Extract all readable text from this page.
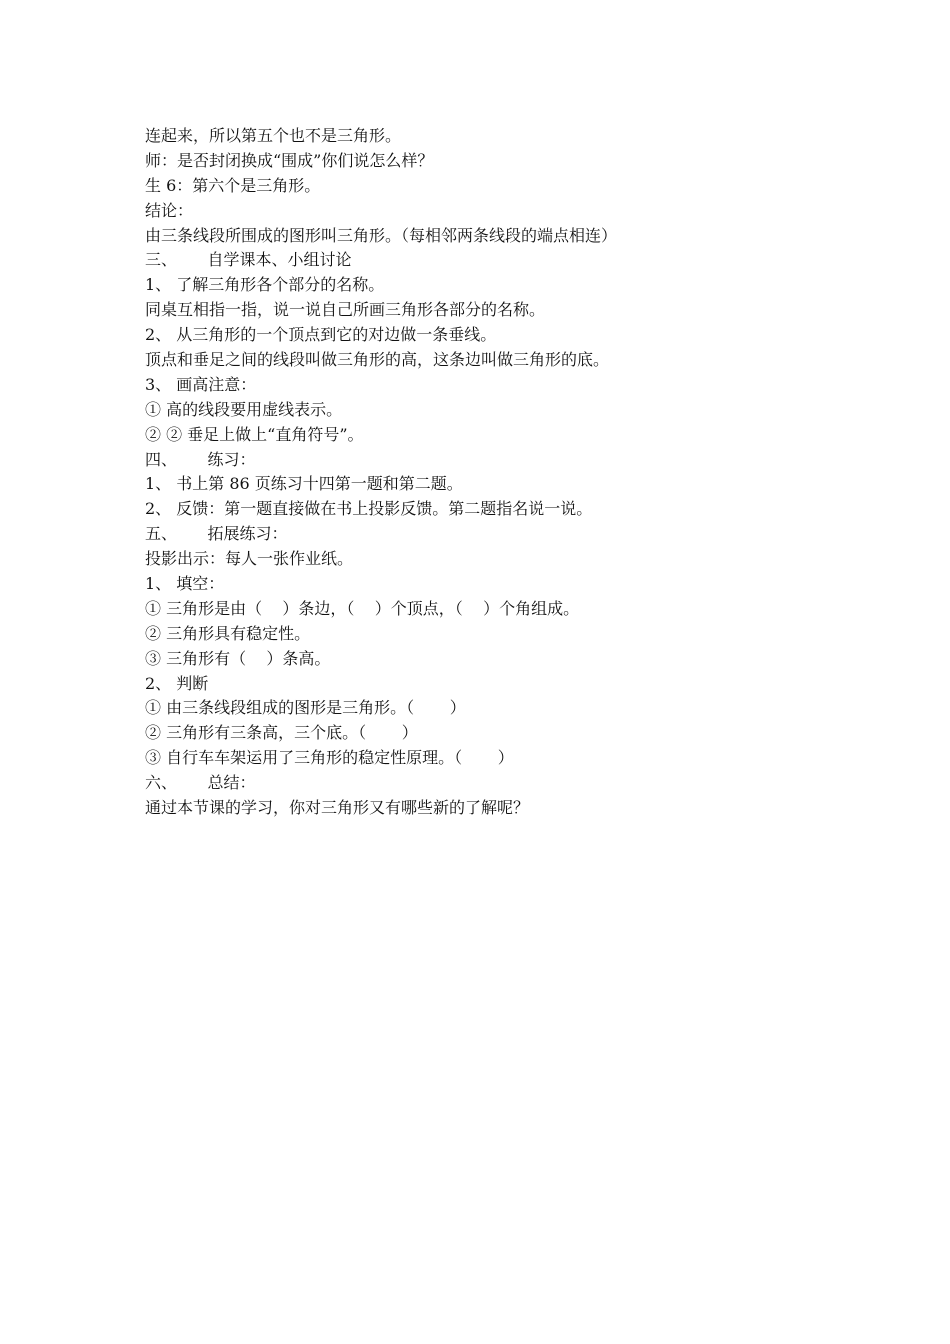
连起来，所以第五个也不是三角形。
师：是否封闭换成“围成”你们说怎么样？
生 6：第六个是三角形。
结论：
由三条线段所围成的图形叫三角形。（每相邻两条线段的端点相连）
三、      自学课本、小组讨论
1、 了解三角形各个部分的名称。
同桌互相指一指，说一说自己所画三角形各部分的名称。
2、 从三角形的一个顶点到它的对边做一条垂线。
顶点和垂足之间的线段叫做三角形的高，这条边叫做三角形的底。
3、 画高注意：
① 高的线段要用虚线表示。
② ② 垂足上做上“直角符号”。
四、      练习：
1、 书上第 86 页练习十四第一题和第二题。
2、 反馈：第一题直接做在书上投影反馈。第二题指名说一说。
五、      拓展练习：
投影出示：每人一张作业纸。
1、 填空：
① 三角形是由（    ）条边，（    ）个顶点，（    ）个角组成。
② 三角形具有稳定性。
③ 三角形有（    ）条高。
2、 判断
① 由三条线段组成的图形是三角形。（       ）
② 三角形有三条高，三个底。（       ）
③ 自行车车架运用了三角形的稳定性原理。（       ）
六、      总结：
通过本节课的学习，你对三角形又有哪些新的了解呢？
